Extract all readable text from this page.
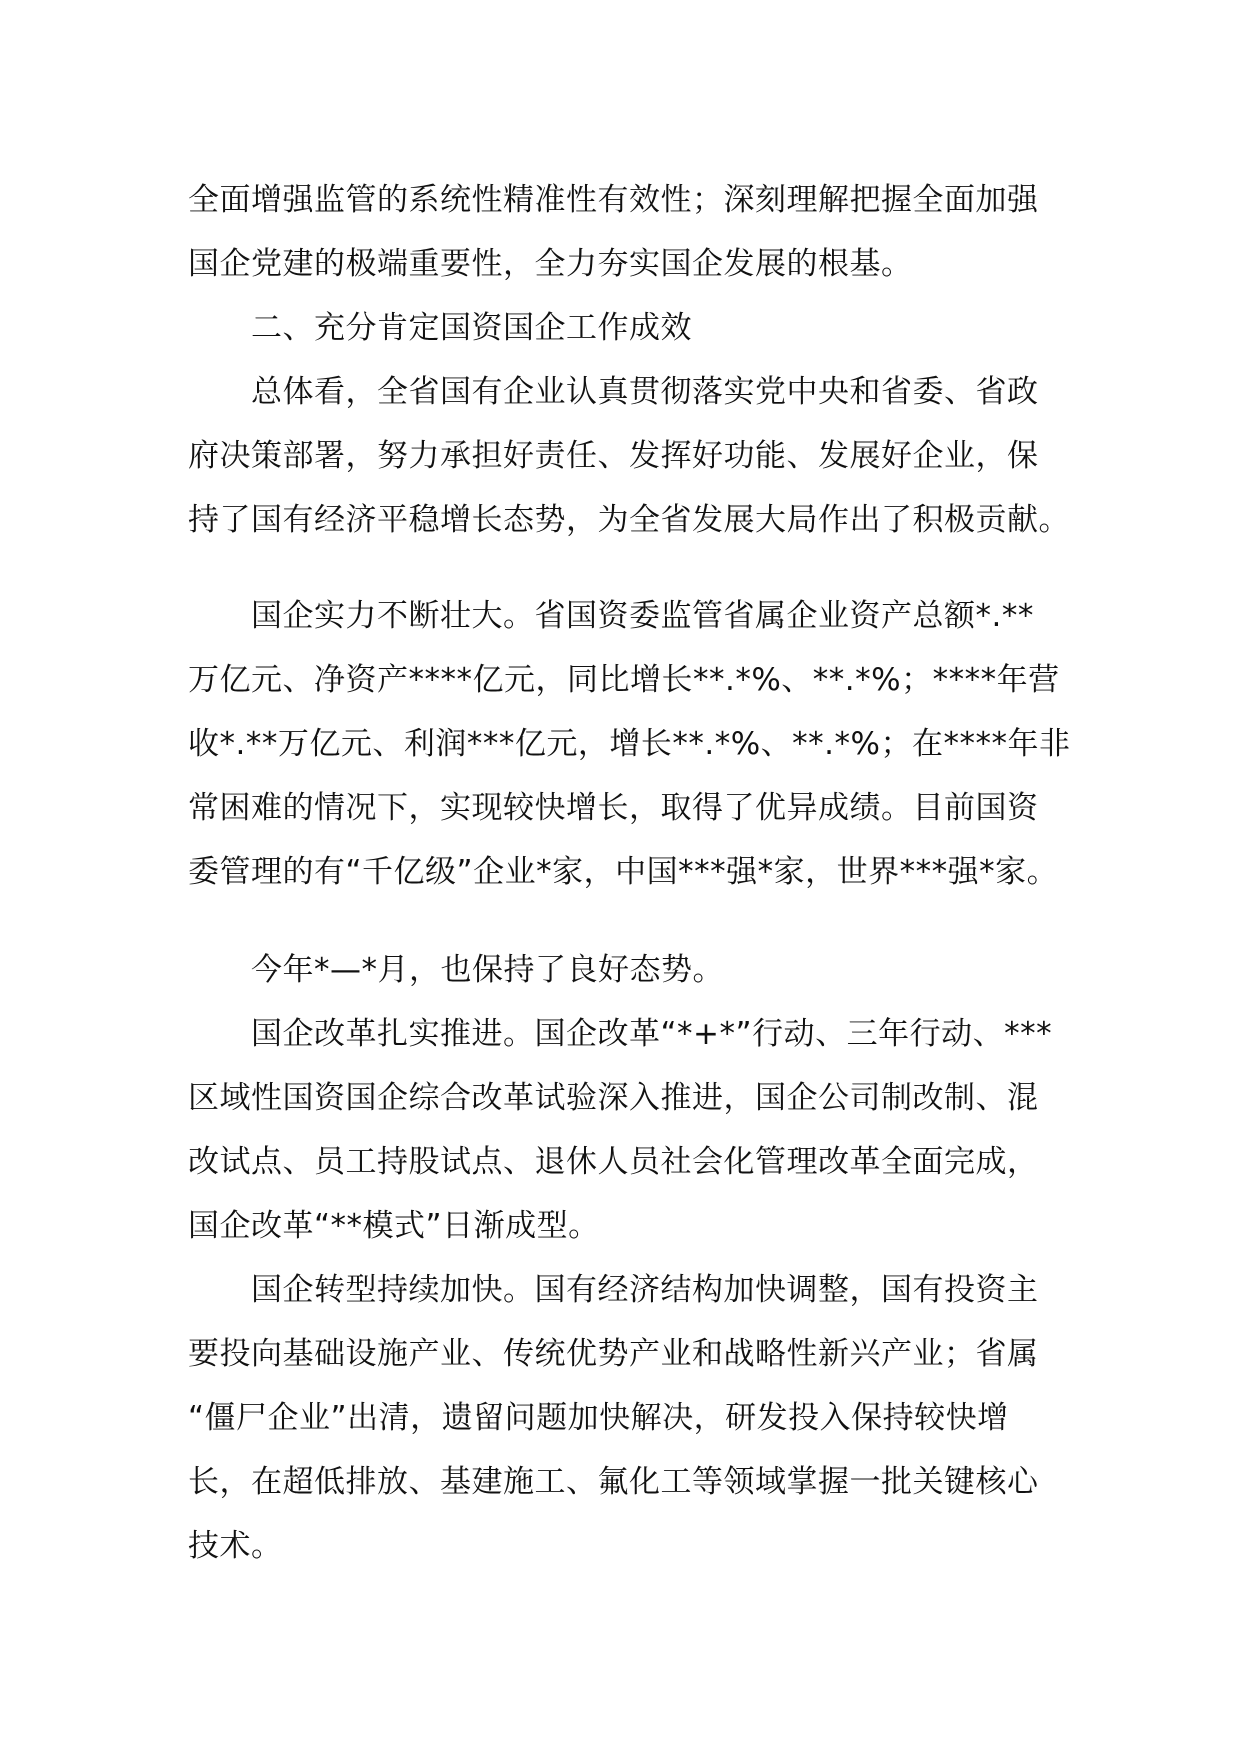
全面增强监管的系统性精准性有效性；深刻理解把握全面加强
国企党建的极端重要性，全力夯实国企发展的根基。
二、充分肯定国资国企工作成效
总体看，全省国有企业认真贯彻落实党中央和省委、省政
府决策部署，努力承担好责任、发挥好功能、发展好企业，保
持了国有经济平稳增长态势，为全省发展大局作出了积极贡献。
国企实力不断壮大。省国资委监管省属企业资产总额*.**
万亿元、净资产****亿元，同比增长**.*%、**.*%；****年营
收*.**万亿元、利润***亿元，增长**.*%、**.*%；在****年非
常困难的情况下，实现较快增长，取得了优异成绩。目前国资
委管理的有“千亿级”企业*家，中国***强*家，世界***强*家。
今年*—*月，也保持了良好态势。
国企改革扎实推进。国企改革“*+*”行动、三年行动、***
区域性国资国企综合改革试验深入推进，国企公司制改制、混
改试点、员工持股试点、退休人员社会化管理改革全面完成，
国企改革“**模式”日渐成型。
国企转型持续加快。国有经济结构加快调整，国有投资主
要投向基础设施产业、传统优势产业和战略性新兴产业；省属
“僵尸企业”出清，遗留问题加快解决，研发投入保持较快增
长，在超低排放、基建施工、氟化工等领域掌握一批关键核心
技术。
